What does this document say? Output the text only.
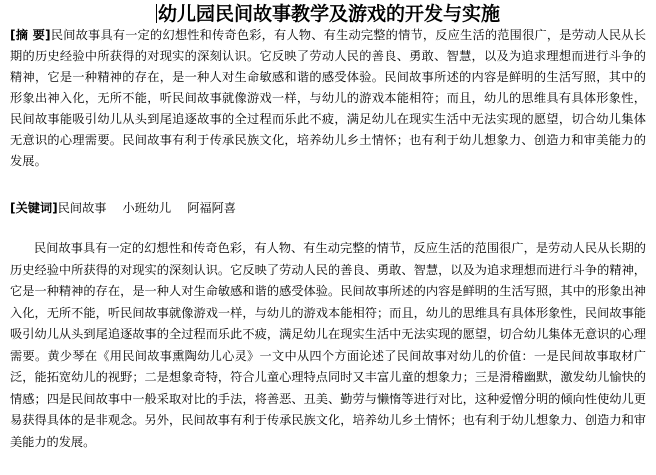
幼儿园民间故事教学及游戏的开发与实施
[摘 要]民间故事具有一定的幻想性和传奇色彩，有人物、有生动完整的情节，反应生活的范围很广，是劳动人民从长期的历史经验中所获得的对现实的深刻认识。它反映了劳动人民的善良、勇敢、智慧，以及为追求理想而进行斗争的精神，它是一种精神的存在，是一种人对生命敏感和谐的感受体验。民间故事所述的内容是鲜明的生活写照，其中的形象出神入化，无所不能，听民间故事就像游戏一样，与幼儿的游戏本能相符；而且，幼儿的思维具有具体形象性，民间故事能吸引幼儿从头到尾追逐故事的全过程而乐此不疲，满足幼儿在现实生活中无法实现的愿望，切合幼儿集体无意识的心理需要。民间故事有利于传承民族文化，培养幼儿乡土情怀；也有利于幼儿想象力、创造力和审美能力的发展。
[关键词]民间故事 小班幼儿 阿福阿喜
民间故事具有一定的幻想性和传奇色彩，有人物、有生动完整的情节，反应生活的范围很广，是劳动人民从长期的历史经验中所获得的对现实的深刻认识。它反映了劳动人民的善良、勇敢、智慧，以及为追求理想而进行斗争的精神，它是一种精神的存在，是一种人对生命敏感和谐的感受体验。民间故事所述的内容是鲜明的生活写照，其中的形象出神入化，无所不能，听民间故事就像游戏一样，与幼儿的游戏本能相符；而且，幼儿的思维具有具体形象性，民间故事能吸引幼儿从头到尾追逐故事的全过程而乐此不疲，满足幼儿在现实生活中无法实现的愿望，切合幼儿集体无意识的心理需要。黄少琴在《用民间故事熏陶幼儿心灵》一文中从四个方面论述了民间故事对幼儿的价值：一是民间故事取材广泛，能拓宽幼儿的视野；二是想象奇特，符合儿童心理特点同时又丰富儿童的想象力；三是滑稽幽默，激发幼儿愉快的情感；四是民间故事中一般采取对比的手法，将善恶、丑美、勤劳与懒惰等进行对比，这种爱憎分明的倾向性使幼儿更易获得具体的是非观念。另外，民间故事有利于传承民族文化，培养幼儿乡土情怀；也有利于幼儿想象力、创造力和审美能力的发展。
